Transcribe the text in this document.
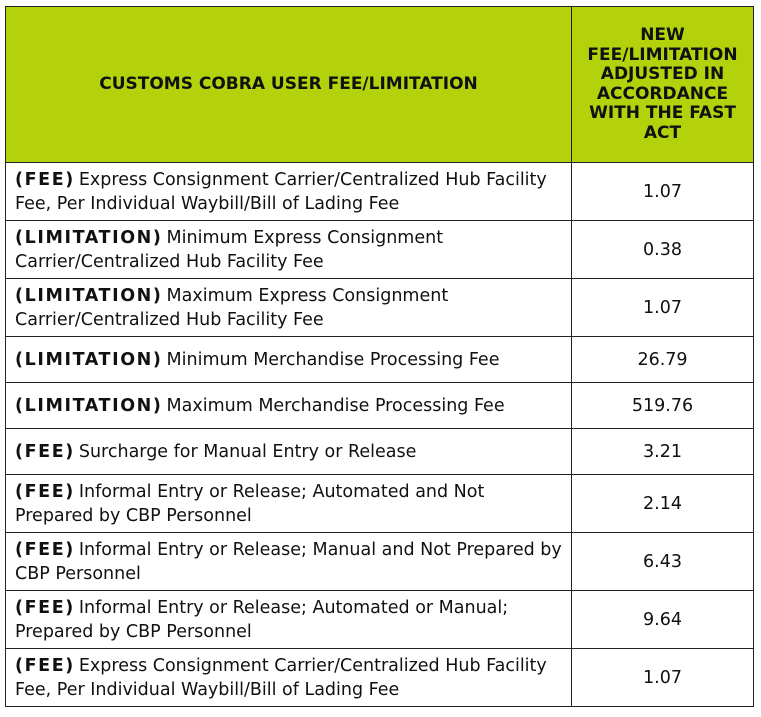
CUSTOMS COBRA USER FEE/LIMITATION	NEW FEE/LIMITATION ADJUSTED IN ACCORDANCE WITH THE FAST ACT
(FEE) Express Consignment Carrier/Centralized Hub Facility Fee, Per Individual Waybill/Bill of Lading Fee	1.07
(LIMITATION) Minimum Express Consignment Carrier/Centralized Hub Facility Fee	0.38
(LIMITATION) Maximum Express Consignment Carrier/Centralized Hub Facility Fee	1.07
(LIMITATION) Minimum Merchandise Processing Fee	26.79
(LIMITATION) Maximum Merchandise Processing Fee	519.76
(FEE) Surcharge for Manual Entry or Release	3.21
(FEE) Informal Entry or Release; Automated and Not Prepared by CBP Personnel	2.14
(FEE) Informal Entry or Release; Manual and Not Prepared by CBP Personnel	6.43
(FEE) Informal Entry or Release; Automated or Manual; Prepared by CBP Personnel	9.64
(FEE) Express Consignment Carrier/Centralized Hub Facility Fee, Per Individual Waybill/Bill of Lading Fee	1.07
